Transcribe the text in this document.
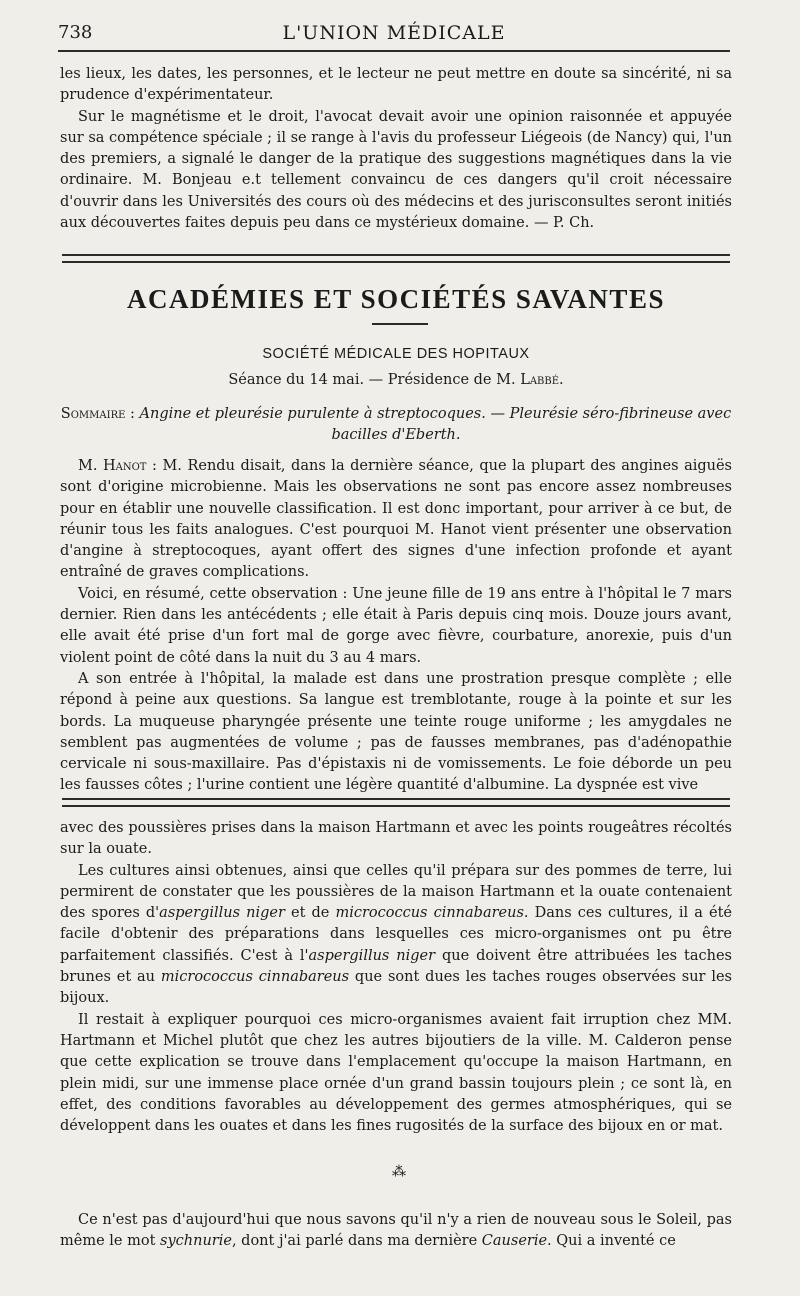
738	L'UNION MÉDICALE

les lieux, les dates, les personnes, et le lecteur ne peut mettre en doute sa sincérité, ni sa prudence d'expérimentateur.

Sur le magnétisme et le droit, l'avocat devait avoir une opinion raisonnée et appuyée sur sa compétence spéciale ; il se range à l'avis du professeur Liégeois (de Nancy) qui, l'un des premiers, a signalé le danger de la pratique des suggestions magnétiques dans la vie ordinaire. M. Bonjeau e.t tellement convaincu de ces dangers qu'il croit nécessaire d'ouvrir dans les Universités des cours où des médecins et des jurisconsultes seront initiés aux découvertes faites depuis peu dans ce mystérieux domaine. — P. Ch.

ACADÉMIES ET SOCIÉTÉS SAVANTES
SOCIÉTÉ MÉDICALE DES HOPITAUX
Séance du 14 mai. — Présidence de M. Labbé.
Sommaire : Angine et pleurésie purulente à streptocoques. — Pleurésie séro-fibrineuse avec bacilles d'Eberth.

M. Hanot : M. Rendu disait, dans la dernière séance, que la plupart des angines aiguës sont d'origine microbienne. Mais les observations ne sont pas encore assez nombreuses pour en établir une nouvelle classification. Il est donc important, pour arriver à ce but, de réunir tous les faits analogues. C'est pourquoi M. Hanot vient présenter une observation d'angine à streptocoques, ayant offert des signes d'une infection profonde et ayant entraîné de graves complications.

Voici, en résumé, cette observation : Une jeune fille de 19 ans entre à l'hôpital le 7 mars dernier. Rien dans les antécédents ; elle était à Paris depuis cinq mois. Douze jours avant, elle avait été prise d'un fort mal de gorge avec fièvre, courbature, anorexie, puis d'un violent point de côté dans la nuit du 3 au 4 mars.

A son entrée à l'hôpital, la malade est dans une prostration presque complète ; elle répond à peine aux questions. Sa langue est tremblotante, rouge à la pointe et sur les bords. La muqueuse pharyngée présente une teinte rouge uniforme ; les amygdales ne semblent pas augmentées de volume ; pas de fausses membranes, pas d'adénopathie cervicale ni sous-maxillaire. Pas d'épistaxis ni de vomissements. Le foie déborde un peu les fausses côtes ; l'urine contient une légère quantité d'albumine. La dyspnée est vive

avec des poussières prises dans la maison Hartmann et avec les points rougeâtres récoltés sur la ouate.

Les cultures ainsi obtenues, ainsi que celles qu'il prépara sur des pommes de terre, lui permirent de constater que les poussières de la maison Hartmann et la ouate contenaient des spores d'aspergillus niger et de micrococcus cinnabareus. Dans ces cultures, il a été facile d'obtenir des préparations dans lesquelles ces micro-organismes ont pu être parfaitement classifiés. C'est à l'aspergillus niger que doivent être attribuées les taches brunes et au micrococcus cinnabareus que sont dues les taches rouges observées sur les bijoux.

Il restait à expliquer pourquoi ces micro-organismes avaient fait irruption chez MM. Hartmann et Michel plutôt que chez les autres bijoutiers de la ville. M. Calderon pense que cette explication se trouve dans l'emplacement qu'occupe la maison Hartmann, en plein midi, sur une immense place ornée d'un grand bassin toujours plein ; ce sont là, en effet, des conditions favorables au développement des germes atmosphériques, qui se développent dans les ouates et dans les fines rugosités de la surface des bijoux en or mat.

⁂

Ce n'est pas d'aujourd'hui que nous savons qu'il n'y a rien de nouveau sous le Soleil, pas même le mot sychnurie, dont j'ai parlé dans ma dernière Causerie. Qui a inventé ce
